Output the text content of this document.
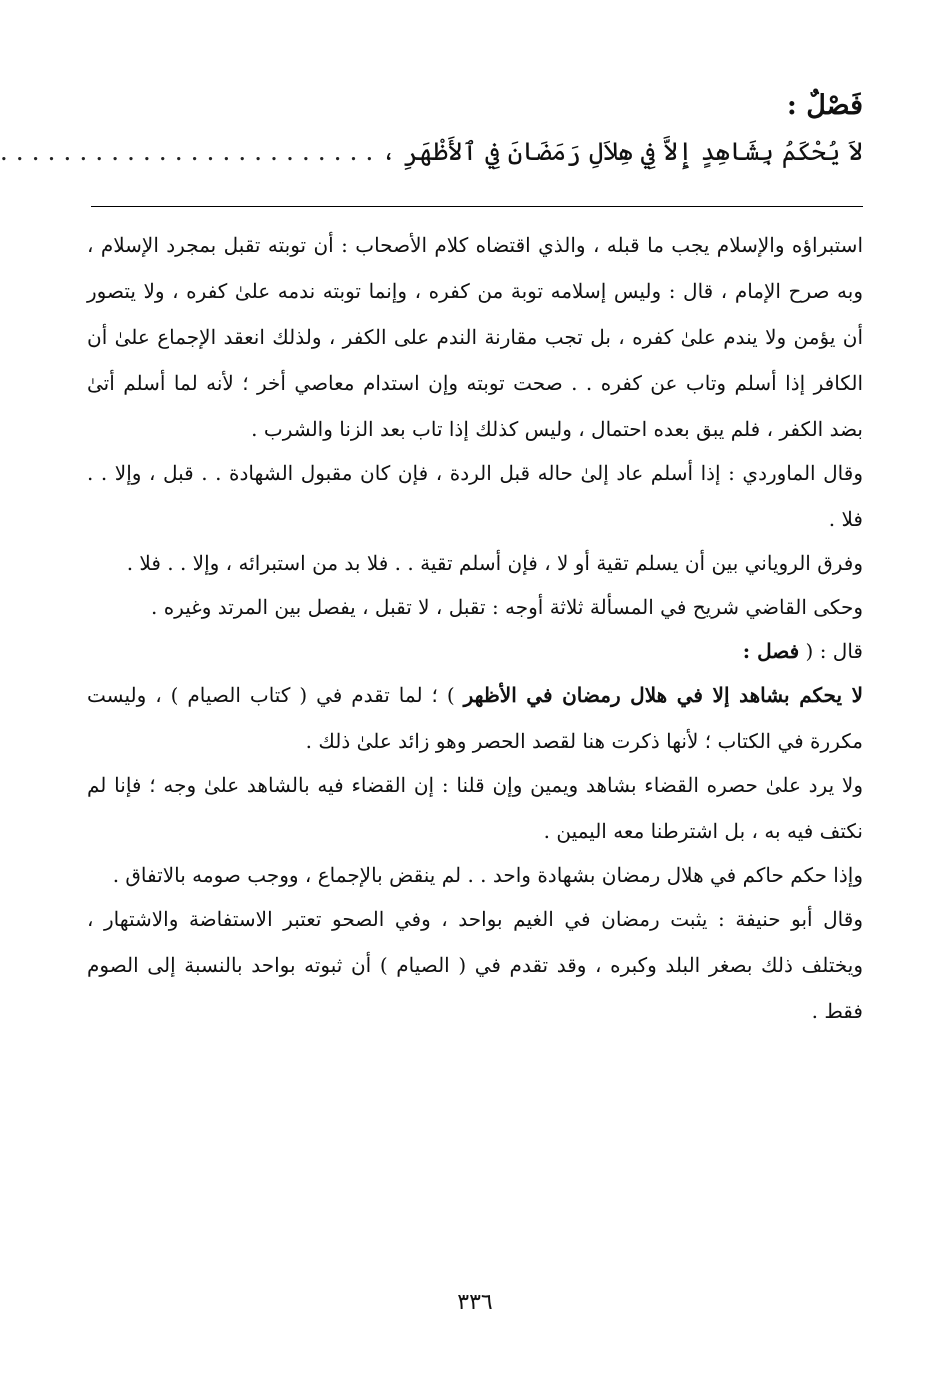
فَصْلٌ :
لاَ يُحْكَمُ بِشَاهِدٍ إِلاَّ فِي هِلاَلِ رَمَضَانَ فِي ٱلأَظْهَرِ ، . . . . . . . . . . . . . . . . . . . . . . . .

استبراؤه والإسلام يجب ما قبله ، والذي اقتضاه كلام الأصحاب : أن توبته تقبل بمجرد الإسلام ، وبه صرح الإمام ، قال : وليس إسلامه توبة من كفره ، وإنما توبته ندمه علىٰ كفره ، ولا يتصور أن يؤمن ولا يندم علىٰ كفره ، بل تجب مقارنة الندم على الكفر ، ولذلك انعقد الإجماع علىٰ أن الكافر إذا أسلم وتاب عن كفره . . صحت توبته وإن استدام معاصي أخر ؛ لأنه لما أسلم أتىٰ بضد الكفر ، فلم يبق بعده احتمال ، وليس كذلك إذا تاب بعد الزنا والشرب .

وقال الماوردي : إذا أسلم عاد إلىٰ حاله قبل الردة ، فإن كان مقبول الشهادة . . قبل ، وإلا . . فلا .

وفرق الروياني بين أن يسلم تقية أو لا ، فإن أسلم تقية . . فلا بد من استبرائه ، وإلا . . فلا .

وحكى القاضي شريح في المسألة ثلاثة أوجه : تقبل ، لا تقبل ، يفصل بين المرتد وغيره .

قال : ( فصل :

لا يحكم بشاهد إلا في هلال رمضان في الأظهر ) ؛ لما تقدم في ( كتاب الصيام ) ، وليست مكررة في الكتاب ؛ لأنها ذكرت هنا لقصد الحصر وهو زائد علىٰ ذلك .

ولا يرد علىٰ حصره القضاء بشاهد ويمين وإن قلنا : إن القضاء فيه بالشاهد علىٰ وجه ؛ فإنا لم نكتف فيه به ، بل اشترطنا معه اليمين .

وإذا حكم حاكم في هلال رمضان بشهادة واحد . . لم ينقض بالإجماع ، ووجب صومه بالاتفاق .

وقال أبو حنيفة : يثبت رمضان في الغيم بواحد ، وفي الصحو تعتبر الاستفاضة والاشتهار ، ويختلف ذلك بصغر البلد وكبره ، وقد تقدم في ( الصيام ) أن ثبوته بواحد بالنسبة إلى الصوم فقط .

٣٣٦
